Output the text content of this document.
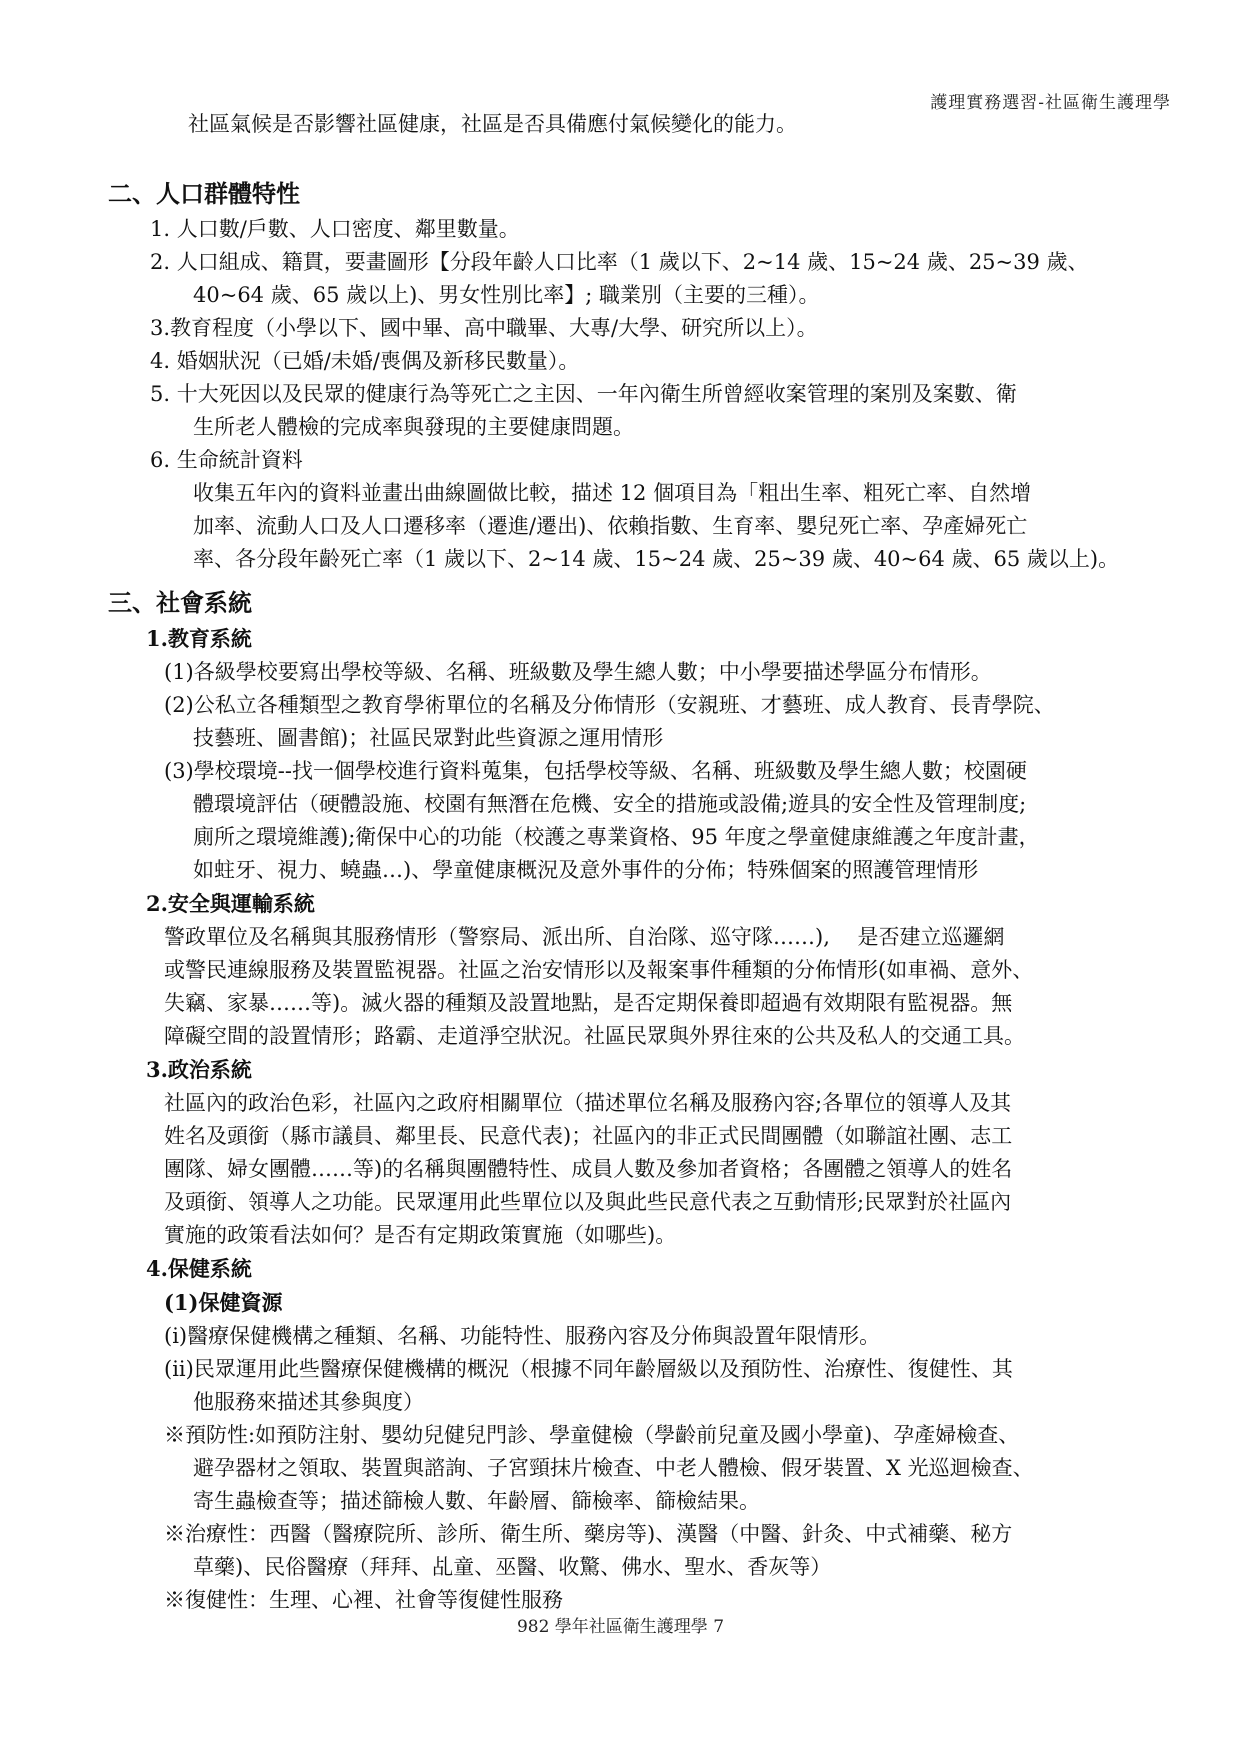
護理實務選習-社區衛生護理學

社區氣候是否影響社區健康，社區是否具備應付氣候變化的能力。

二、人口群體特性

1. 人口數/戶數、人口密度、鄰里數量。

2. 人口組成、籍貫，要畫圖形【分段年齡人口比率（1 歲以下、2~14 歲、15~24 歲、25~39 歲、

40~64 歲、65 歲以上)、男女性別比率】; 職業別（主要的三種）。

3.教育程度（小學以下、國中畢、高中職畢、大專/大學、研究所以上）。

4. 婚姻狀況（已婚/未婚/喪偶及新移民數量）。

5. 十大死因以及民眾的健康行為等死亡之主因、一年內衛生所曾經收案管理的案別及案數、衛

生所老人體檢的完成率與發現的主要健康問題。

6. 生命統計資料

收集五年內的資料並畫出曲線圖做比較，描述 12 個項目為「粗出生率、粗死亡率、自然增

加率、流動人口及人口遷移率（遷進/遷出)、依賴指數、生育率、嬰兒死亡率、孕產婦死亡

率、各分段年齡死亡率（1 歲以下、2~14 歲、15~24 歲、25~39 歲、40~64 歲、65 歲以上)。

三、社會系統
1.教育系統

(1)各級學校要寫出學校等級、名稱、班級數及學生總人數；中小學要描述學區分布情形。

(2)公私立各種類型之教育學術單位的名稱及分佈情形（安親班、才藝班、成人教育、長青學院、

技藝班、圖書館)；社區民眾對此些資源之運用情形

(3)學校環境--找一個學校進行資料蒐集，包括學校等級、名稱、班級數及學生總人數；校園硬

體環境評估（硬體設施、校園有無潛在危機、安全的措施或設備;遊具的安全性及管理制度;

廁所之環境維護);衛保中心的功能（校護之專業資格、95 年度之學童健康維護之年度計畫，

如蛀牙、視力、蟯蟲…)、學童健康概況及意外事件的分佈；特殊個案的照護管理情形

2.安全與運輸系統

警政單位及名稱與其服務情形（警察局、派出所、自治隊、巡守隊……),　 是否建立巡邏網

或警民連線服務及裝置監視器。社區之治安情形以及報案事件種類的分佈情形(如車禍、意外、

失竊、家暴……等)。滅火器的種類及設置地點，是否定期保養即超過有效期限有監視器。無

障礙空間的設置情形；路霸、走道淨空狀況。社區民眾與外界往來的公共及私人的交通工具。

3.政治系統

社區內的政治色彩，社區內之政府相關單位（描述單位名稱及服務內容;各單位的領導人及其

姓名及頭銜（縣市議員、鄰里長、民意代表)；社區內的非正式民間團體（如聯誼社團、志工

團隊、婦女團體……等)的名稱與團體特性、成員人數及參加者資格；各團體之領導人的姓名

及頭銜、領導人之功能。民眾運用此些單位以及與此些民意代表之互動情形;民眾對於社區內

實施的政策看法如何？是否有定期政策實施（如哪些)。

4.保健系統
(1)保健資源

(i)醫療保健機構之種類、名稱、功能特性、服務內容及分佈與設置年限情形。

(ii)民眾運用此些醫療保健機構的概況（根據不同年齡層級以及預防性、治療性、復健性、其

他服務來描述其參與度）

※預防性:如預防注射、嬰幼兒健兒門診、學童健檢（學齡前兒童及國小學童)、孕產婦檢查、

避孕器材之領取、裝置與諮詢、子宮頸抹片檢查、中老人體檢、假牙裝置、X 光巡迴檢查、

寄生蟲檢查等；描述篩檢人數、年齡層、篩檢率、篩檢結果。

※治療性：西醫（醫療院所、診所、衛生所、藥房等)、漢醫（中醫、針灸、中式補藥、秘方

草藥)、民俗醫療（拜拜、乩童、巫醫、收驚、佛水、聖水、香灰等）

※復健性：生理、心裡、社會等復健性服務

982 學年社區衛生護理學 7
